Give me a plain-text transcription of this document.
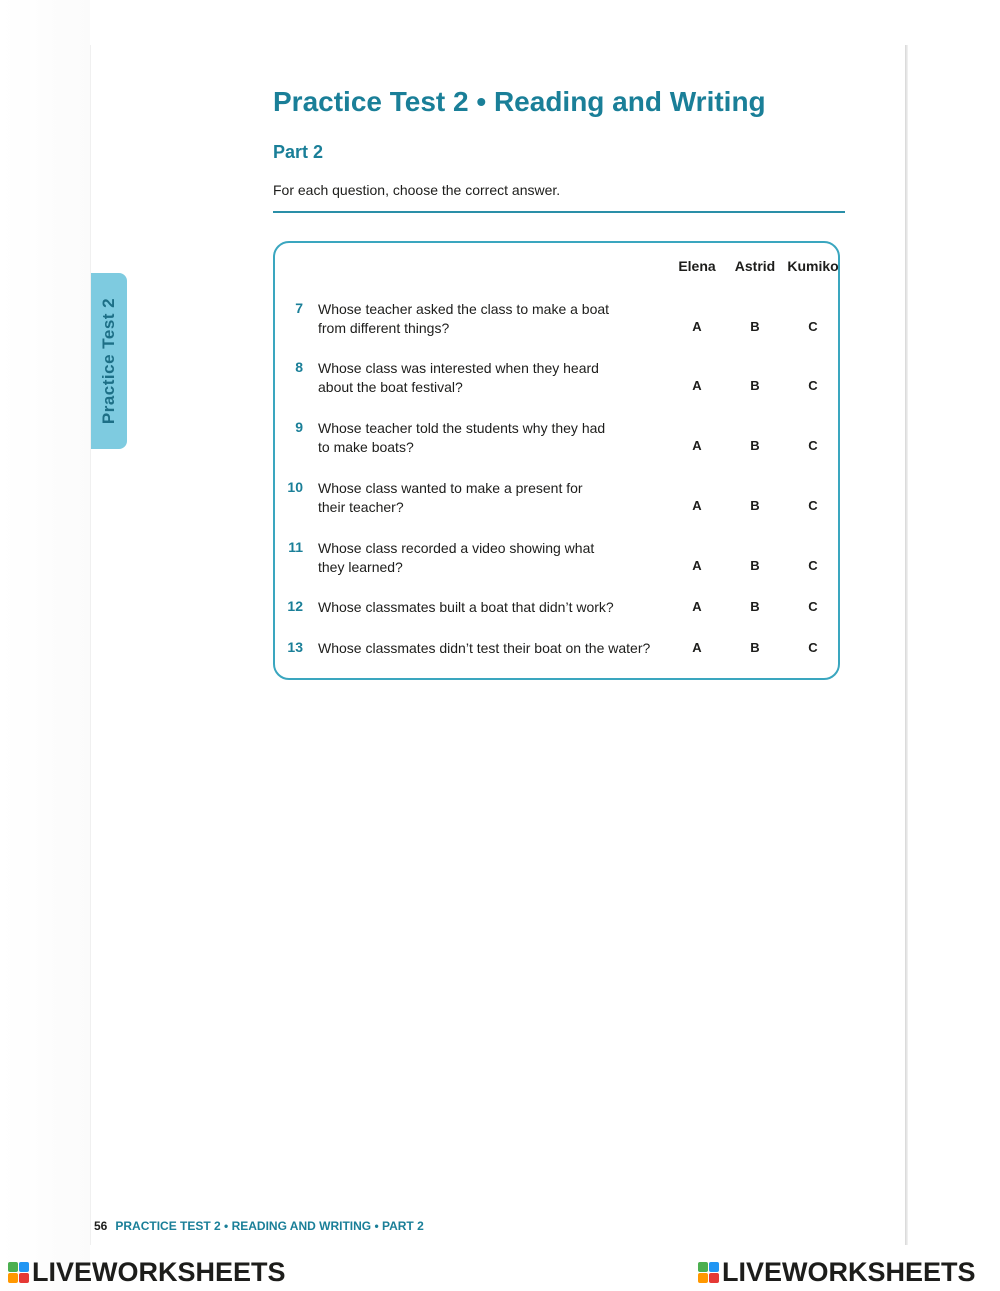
Practice Test 2
Practice Test 2 • Reading and Writing
Part 2

For each question, choose the correct answer.

Elena Astrid Kumiko
7 Whose teacher asked the class to make a boat
from different things?	A	B	C
8 Whose class was interested when they heard
about the boat festival?	A	B	C
9 Whose teacher told the students why they had
to make boats?	A	B	C
10 Whose class wanted to make a present for
their teacher?	A	B	C
11 Whose class recorded a video showing what
they learned?	A	B	C
12 Whose classmates built a boat that didn’t work?	A	B	C
13 Whose classmates didn’t test their boat on the water?	A	B	C
56 PRACTICE TEST 2 • READING AND WRITING • PART 2
LIVEWORKSHEETS	LIVEWORKSHEETS
